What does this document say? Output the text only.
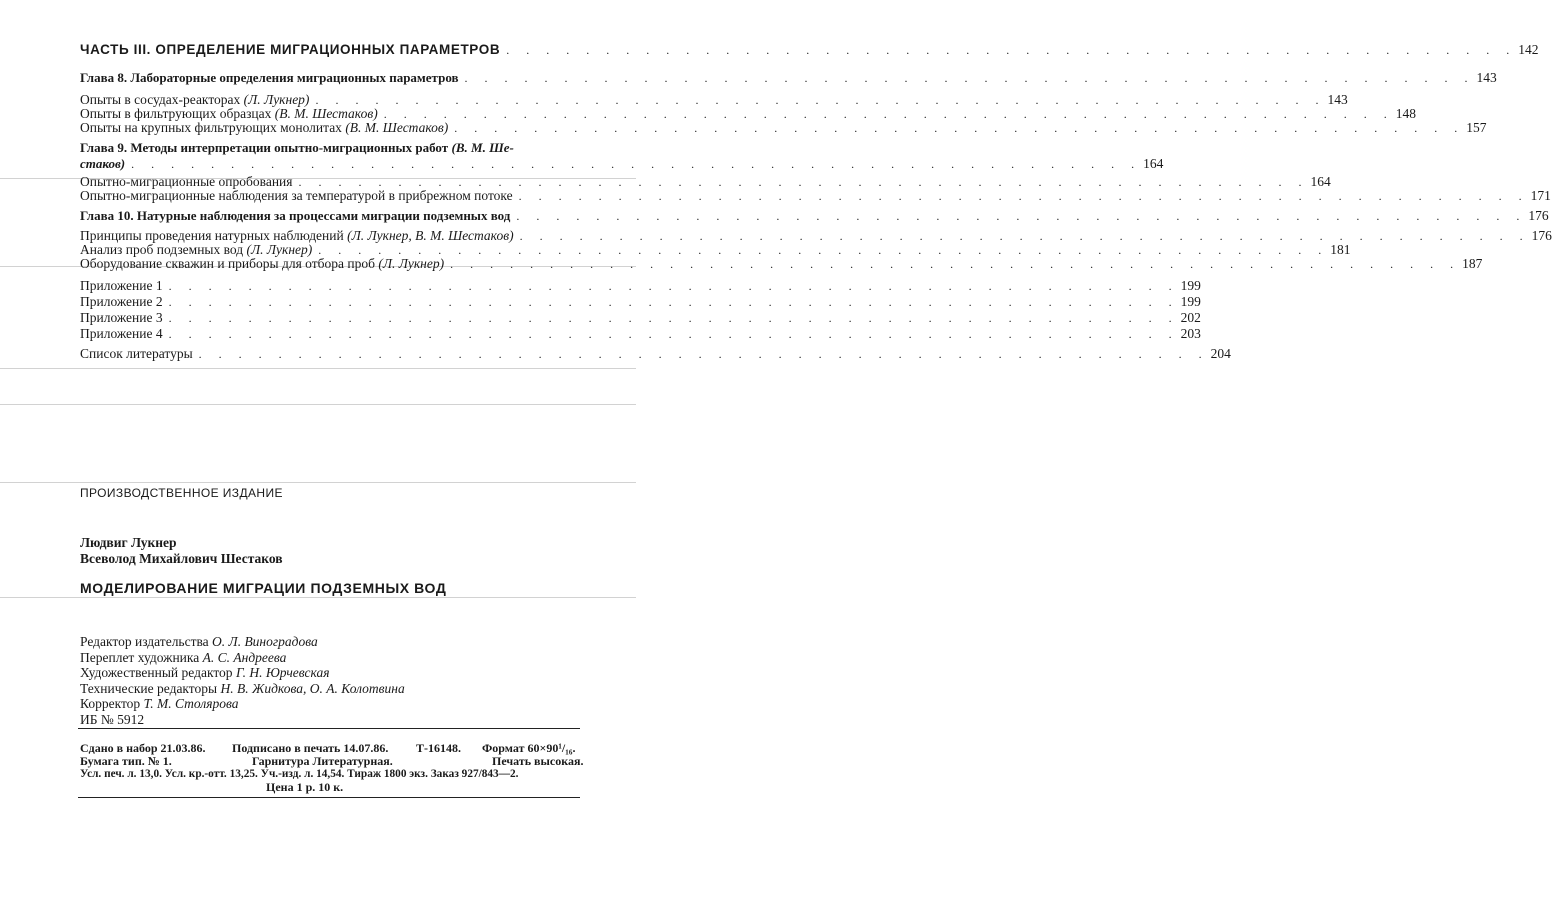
ЧАСТЬ III. ОПРЕДЕЛЕНИЕ МИГРАЦИОННЫХ ПАРАМЕТРОВ . . . . . . . . . . . . . . . . . . . . . . . . . . . . . . . . . . . . . . . . . . . . . . . . . . . 142
Глава 8. Лабораторные определения миграционных параметров . . . . . . . . . . . . . . . . . . . . . . . . . . . . . . . . . . . . . . . . . . . . . . . . . . . 143
Опыты в сосудах-реакторах (Л. Лукнер) . . . . . . . . . . . . . . . . . . . . . . . . . . . . . . . . . . . . . . . . . . . . . . . . . . . 143
Опыты в фильтрующих образцах (В. М. Шестаков) . . . . . . . . . . . . . . . . . . . . . . . . . . . . . . . . . . . . . . . . . . . . . . . . . . . 148
Опыты на крупных фильтрующих монолитах (В. М. Шестаков) . . . . . . . . . . . . . . . . . . . . . . . . . . . . . . . . . . . . . . . . . . . . . . . . . . . 157
Глава 9. Методы интерпретации опытно-миграционных работ (В. М. Ше-
стаков) . . . . . . . . . . . . . . . . . . . . . . . . . . . . . . . . . . . . . . . . . . . . . . . . . . . 164
Опытно-миграционные опробования . . . . . . . . . . . . . . . . . . . . . . . . . . . . . . . . . . . . . . . . . . . . . . . . . . . 164
Опытно-миграционные наблюдения за температурой в прибрежном потоке . . . . . . . . . . . . . . . . . . . . . . . . . . . . . . . . . . . . . . . . . . . . . . . . . . . 171
Глава 10. Натурные наблюдения за процессами миграции подземных вод . . . . . . . . . . . . . . . . . . . . . . . . . . . . . . . . . . . . . . . . . . . . . . . . . . . 176
Принципы проведения натурных наблюдений (Л. Лукнер, В. М. Шестаков) . . . . . . . . . . . . . . . . . . . . . . . . . . . . . . . . . . . . . . . . . . . . . . . . . . . 176
Анализ проб подземных вод (Л. Лукнер) . . . . . . . . . . . . . . . . . . . . . . . . . . . . . . . . . . . . . . . . . . . . . . . . . . . 181
Оборудование скважин и приборы для отбора проб (Л. Лукнер) . . . . . . . . . . . . . . . . . . . . . . . . . . . . . . . . . . . . . . . . . . . . . . . . . . . 187
Приложение 1 . . . . . . . . . . . . . . . . . . . . . . . . . . . . . . . . . . . . . . . . . . . . . . . . . . . 199
Приложение 2 . . . . . . . . . . . . . . . . . . . . . . . . . . . . . . . . . . . . . . . . . . . . . . . . . . . 199
Приложение 3 . . . . . . . . . . . . . . . . . . . . . . . . . . . . . . . . . . . . . . . . . . . . . . . . . . . 202
Приложение 4 . . . . . . . . . . . . . . . . . . . . . . . . . . . . . . . . . . . . . . . . . . . . . . . . . . . 203
Список литературы . . . . . . . . . . . . . . . . . . . . . . . . . . . . . . . . . . . . . . . . . . . . . . . . . . . 204
ПРОИЗВОДСТВЕННОЕ ИЗДАНИЕ
Людвиг Лукнер
Всеволод Михайлович Шестаков
МОДЕЛИРОВАНИЕ МИГРАЦИИ ПОДЗЕМНЫХ ВОД
Редактор издательства О. Л. Виноградова
Переплет художника А. С. Андреева
Художественный редактор Г. Н. Юрчевская
Технические редакторы Н. В. Жидкова, О. А. Колотвина
Корректор Т. М. Столярова
ИБ № 5912
Сдано в набор 21.03.86. Подписано в печать 14.07.86. Т-16148. Формат 60×90¹/₁₆.
Бумага тип. № 1.	Гарнитура Литературная.	Печать высокая.
Усл. печ. л. 13,0. Усл. кр.-отт. 13,25. Уч.-изд. л. 14,54. Тираж 1800 экз. Заказ 927/843—2.
Цена 1 р. 10 к.
